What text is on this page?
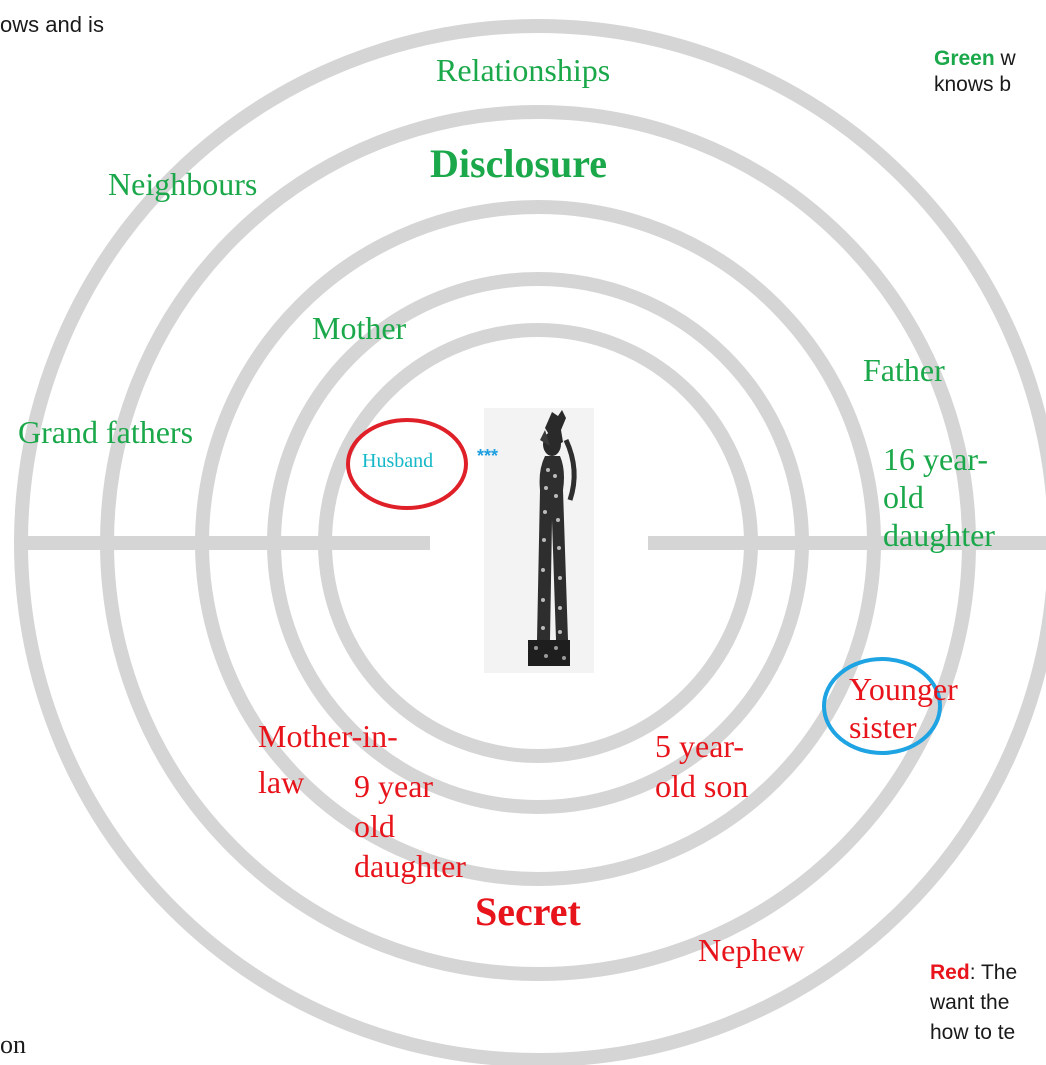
ows and is
on
Relationships
Disclosure
Neighbours
Mother
Father
Grand fathers
16 year-
old
daughter
Husband ***
Younger
sister
5 year-
old son
Mother-in-
law 9 year
old
daughter
Secret
Nephew
Green w
knows b
Red: The
want the
how to te
